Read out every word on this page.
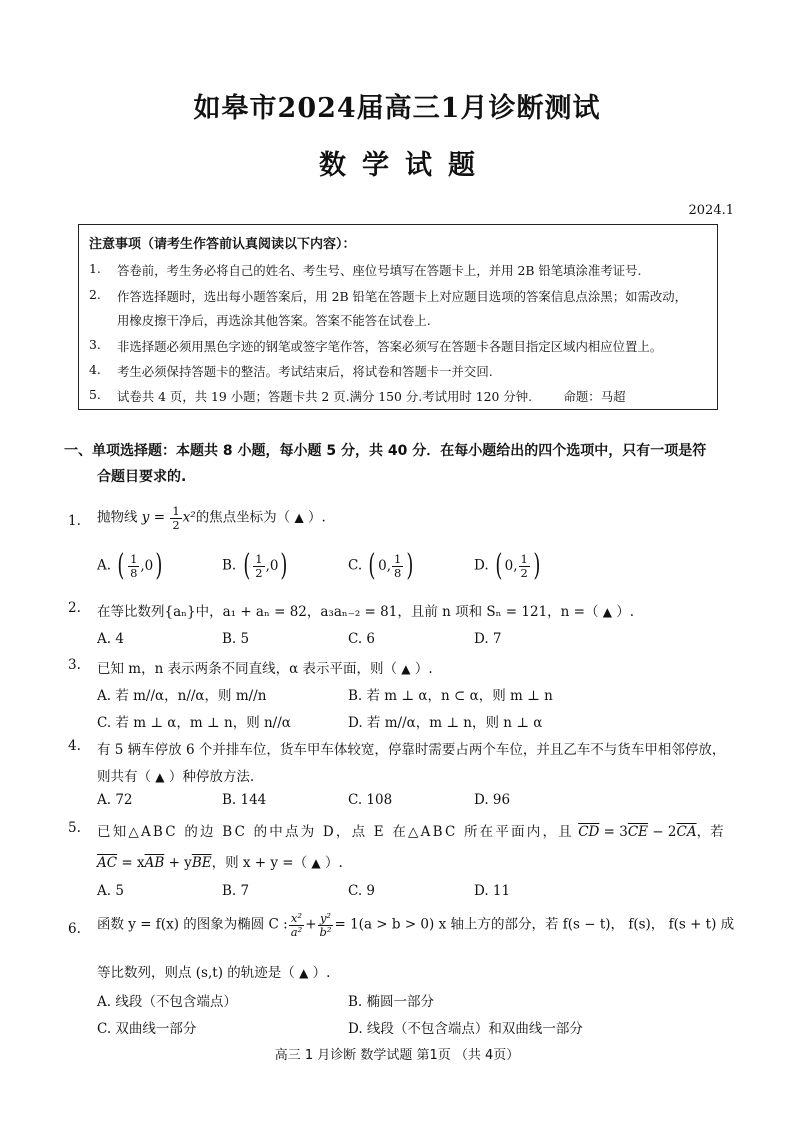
如皋市2024届高三1月诊断测试
数学试题
2024.1
注意事项（请考生作答前认真阅读以下内容）：
1. 答卷前，考生务必将自己的姓名、考生号、座位号填写在答题卡上，并用 2B 铅笔填涂准考证号.
2. 作答选择题时，选出每小题答案后，用 2B 铅笔在答题卡上对应题目选项的答案信息点涂黑；如需改动，
用橡皮擦干净后，再选涂其他答案。答案不能答在试卷上.
3. 非选择题必须用黑色字迹的钢笔或签字笔作答，答案必须写在答题卡各题目指定区域内相应位置上。
4. 考生必须保持答题卡的整洁。考试结束后，将试卷和答题卡一并交回.
5. 试卷共 4 页，共 19 小题；答题卡共 2 页.满分 150 分.考试用时 120 分钟.        命题：马超
一、单项选择题：本题共 8 小题，每小题 5 分，共 40 分．在每小题给出的四个选项中，只有一项是符
合题目要求的.
1. 抛物线 $y = \frac{1}{2} x^2$的焦点坐标为（ ▲ ）.
A. ( $\frac{1}{8} ,0$ )	B. ( $\frac{1}{2} ,0$ )	C. ( 0, $\frac{1}{8}$ )	D. ( 0, $\frac{1}{2}$ )
2. 在等比数列{aₙ}中，a₁ + aₙ = 82，a₃aₙ₋₂ = 81，且前 n 项和 Sₙ = 121，n =（ ▲ ）.
A. 4	B. 5	C. 6	D. 7
3. 已知 m，n 表示两条不同直线，α 表示平面，则（ ▲ ）.
A. 若 m//α，n//α，则 m//n	B. 若 m ⊥ α，n ⊂ α，则 m ⊥ n
C. 若 m ⊥ α，m ⊥ n，则 n//α	D. 若 m//α，m ⊥ n，则 n ⊥ α
4. 有 5 辆车停放 6 个并排车位，货车甲车体较宽，停靠时需要占两个车位，并且乙车不与货车甲相邻停放，
则共有（ ▲ ）种停放方法.
A. 72	B. 144	C. 108	D. 96
5. 已知△ABC 的边 BC 的中点为 D，点 E 在△ABC 所在平面内，且 $\overline{CD} = 3\overline{CE} - 2\overline{CA}$，若
$\overline{AC} = x\overline{AB} + y\overline{BE}$，则 x + y =（ ▲ ）.
A. 5	B. 7	C. 9	D. 11
6. 函数 y = f(x) 的图象为椭圆 C : $\frac{\text{x²}}{\text{a²}} + \frac{\text{y²}}{\text{b²}} = 1(a > b > 0)$ x 轴上方的部分，若 f(s − t)， f(s)， f(s + t) 成
等比数列，则点 (s,t) 的轨迹是（ ▲ ）.
A. 线段（不包含端点）	B. 椭圆一部分
C. 双曲线一部分	D. 线段（不包含端点）和双曲线一部分
高三 1 月诊断 数学试题 第1页 （共 4页）
